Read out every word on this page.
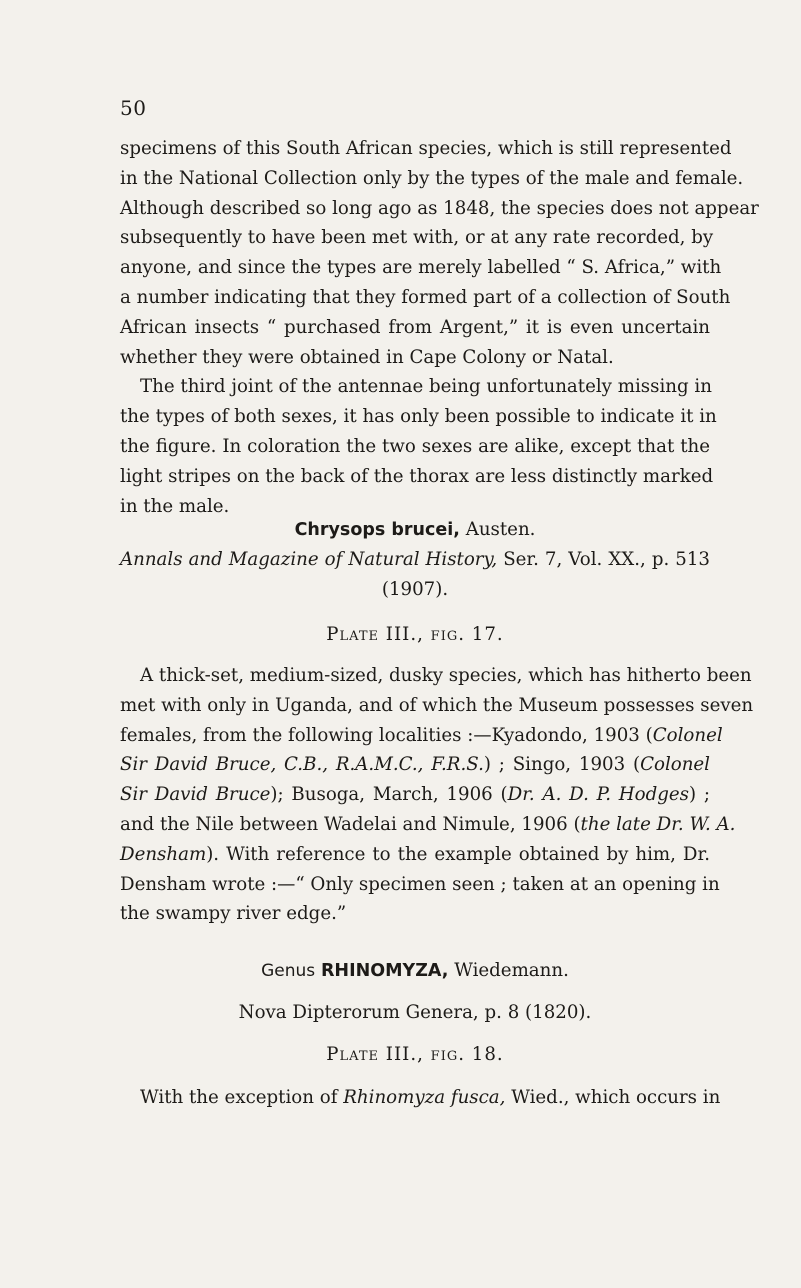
50
specimens of this South African species, which is still represented
in the National Collection only by the types of the male and female.
Although described so long ago as 1848, the species does not appear
subsequently to have been met with, or at any rate recorded, by
anyone, and since the types are merely labelled “ S. Africa,” with
a number indicating that they formed part of a collection of South
African insects “ purchased from Argent,” it is even uncertain
whether they were obtained in Cape Colony or Natal.
The third joint of the antennae being unfortunately missing in
the types of both sexes, it has only been possible to indicate it in
the figure. In coloration the two sexes are alike, except that the
light stripes on the back of the thorax are less distinctly marked
in the male.
Chrysops brucei, Austen.
Annals and Magazine of Natural History, Ser. 7, Vol. XX., p. 513
(1907).
Plate III., fig. 17.
A thick-set, medium-sized, dusky species, which has hitherto been
met with only in Uganda, and of which the Museum possesses seven
females, from the following localities :—Kyadondo, 1903 (Colonel
Sir David Bruce, C.B., R.A.M.C., F.R.S.) ; Singo, 1903 (Colonel
Sir David Bruce); Busoga, March, 1906 (Dr. A. D. P. Hodges) ;
and the Nile between Wadelai and Nimule, 1906 (the late Dr. W. A.
Densham). With reference to the example obtained by him, Dr.
Densham wrote :—“ Only specimen seen ; taken at an opening in
the swampy river edge.”
Genus RHINOMYZA, Wiedemann.
Nova Dipterorum Genera, p. 8 (1820).
Plate III., fig. 18.
With the exception of Rhinomyza fusca, Wied., which occurs in
